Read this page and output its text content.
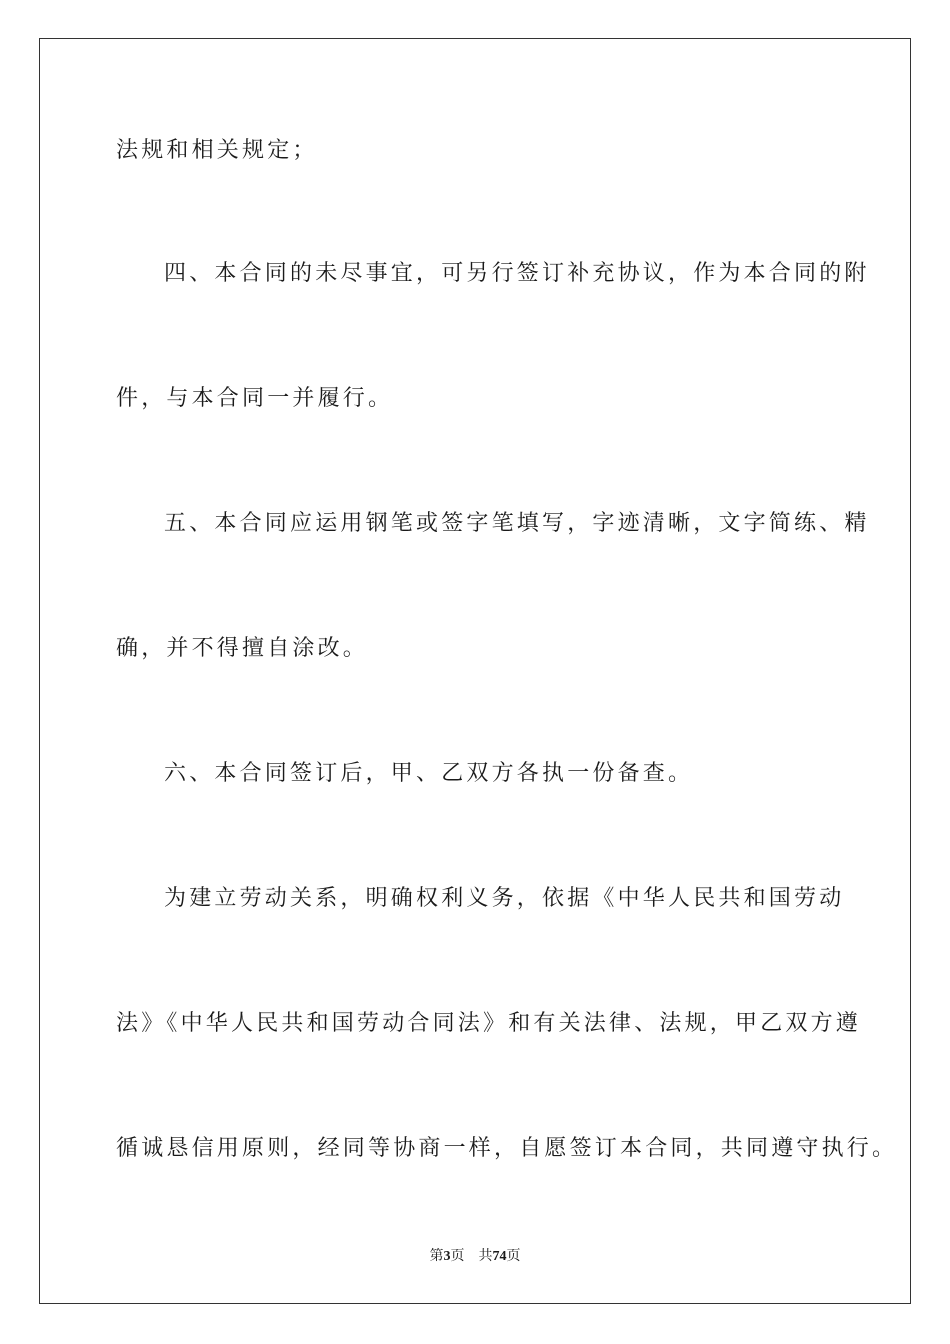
法规和相关规定；
四、本合同的未尽事宜，可另行签订补充协议，作为本合同的附
件，与本合同一并履行。
五、本合同应运用钢笔或签字笔填写，字迹清晰，文字简练、精
确，并不得擅自涂改。
六、本合同签订后，甲、乙双方各执一份备查。
为建立劳动关系，明确权利义务，依据《中华人民共和国劳动
法》《中华人民共和国劳动合同法》和有关法律、法规，甲乙双方遵
循诚恳信用原则，经同等协商一样，自愿签订本合同，共同遵守执行。
第3页 共74页
